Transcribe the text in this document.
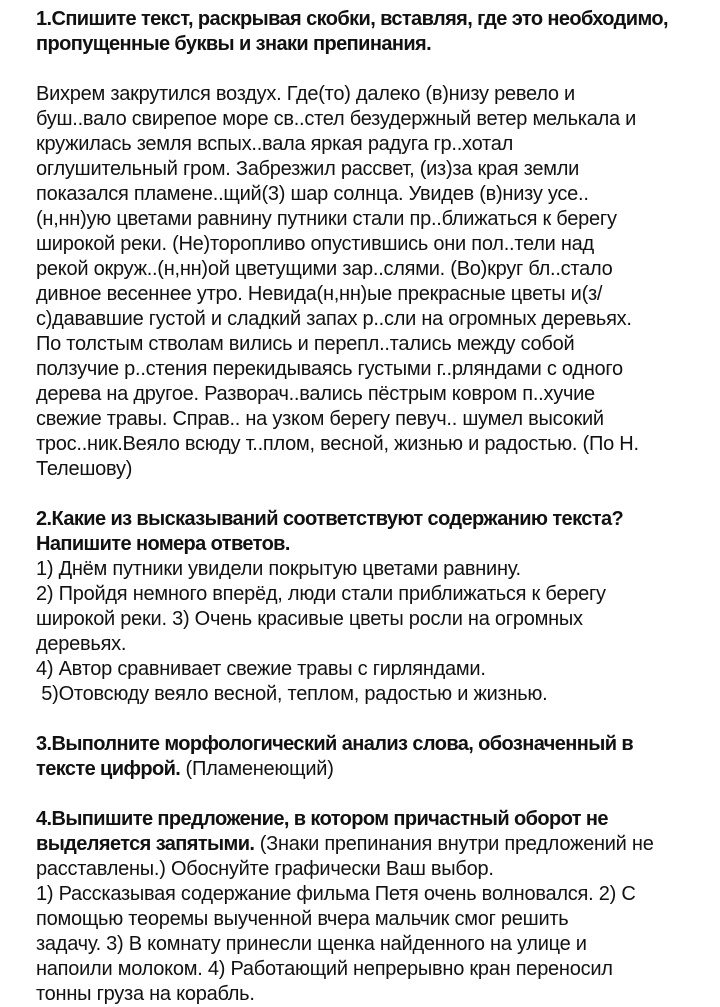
1.Спишите текст, раскрывая скобки, вставляя, где это необходимо,
пропущенные буквы и знаки препинания.
Вихрем закрутился воздух. Где(то) далеко (в)низу ревело и
буш..вало свирепое море св..стел безудержный ветер мелькала и
кружилась земля вспых..вала яркая радуга гр..хотал
оглушительный гром. Забрезжил рассвет, (из)за края земли
показался пламене..щий(3) шар солнца. Увидев (в)низу усе..
(н,нн)ую цветами равнину путники стали пр..ближаться к берегу
широкой реки. (Не)торопливо опустившись они пол..тели над
рекой окруж..(н,нн)ой цветущими зар..слями. (Во)круг бл..стало
дивное весеннее утро. Невида(н,нн)ые прекрасные цветы и(з/
с)дававшие густой и сладкий запах р..сли на огромных деревьях.
По толстым стволам вились и перепл..тались между собой
ползучие р..стения перекидываясь густыми г..рляндами с одного
дерева на другое. Разворач..вались пёстрым ковром п..хучие
свежие травы. Справ.. на узком берегу певуч.. шумел высокий
трос..ник.Веяло всюду т..плом, весной, жизнью и радостью. (По Н.
Телешову)
2.Какие из высказываний соответствуют содержанию текста?
Напишите номера ответов.
1) Днём путники увидели покрытую цветами равнину.
2) Пройдя немного вперёд, люди стали приближаться к берегу
широкой реки. 3) Очень красивые цветы росли на огромных
деревьях.
4) Автор сравнивает свежие травы с гирляндами.
5)Отовсюду веяло весной, теплом, радостью и жизнью.
3.Выполните морфологический анализ слова, обозначенный в
тексте цифрой. (Пламенеющий)
4.Выпишите предложение, в котором причастный оборот не
выделяется запятыми. (Знаки препинания внутри предложений не
расставлены.) Обоснуйте графически Ваш выбор.
1) Рассказывая содержание фильма Петя очень волновался. 2) С
помощью теоремы выученной вчера мальчик смог решить
задачу. 3) В комнату принесли щенка найденного на улице и
напоили молоком. 4) Работающий непрерывно кран переносил
тонны груза на корабль.
